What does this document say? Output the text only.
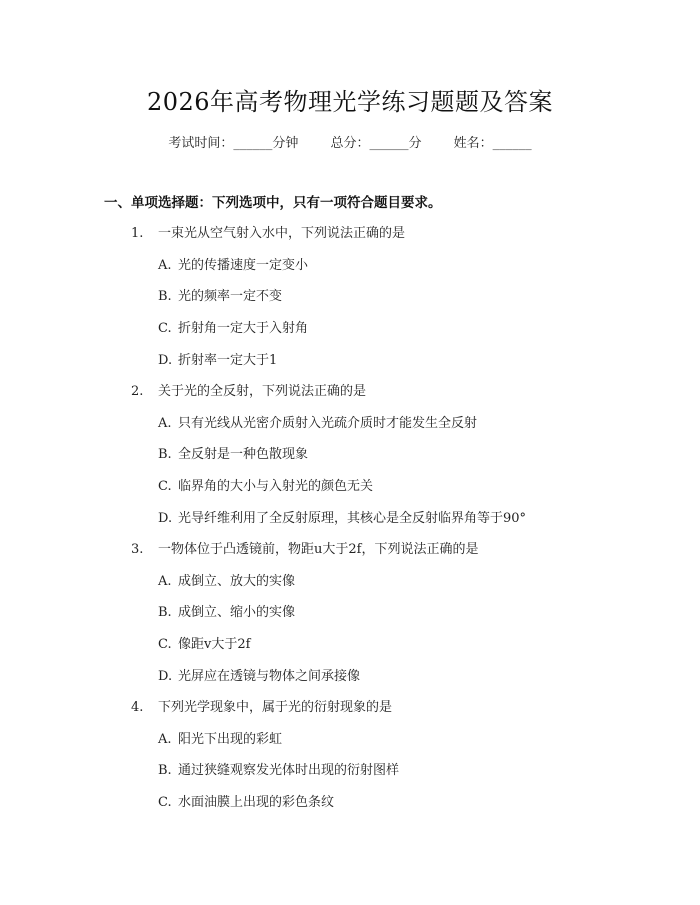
2026年高考物理光学练习题题及答案
考试时间：______分钟 总分：______分 姓名：______
一、单项选择题：下列选项中，只有一项符合题目要求。
1. 一束光从空气射入水中，下列说法正确的是
A. 光的传播速度一定变小
B. 光的频率一定不变
C. 折射角一定大于入射角
D. 折射率一定大于1
2. 关于光的全反射，下列说法正确的是
A. 只有光线从光密介质射入光疏介质时才能发生全反射
B. 全反射是一种色散现象
C. 临界角的大小与入射光的颜色无关
D. 光导纤维利用了全反射原理，其核心是全反射临界角等于90°
3. 一物体位于凸透镜前，物距u大于2f，下列说法正确的是
A. 成倒立、放大的实像
B. 成倒立、缩小的实像
C. 像距v大于2f
D. 光屏应在透镜与物体之间承接像
4. 下列光学现象中，属于光的衍射现象的是
A. 阳光下出现的彩虹
B. 通过狭缝观察发光体时出现的衍射图样
C. 水面油膜上出现的彩色条纹
